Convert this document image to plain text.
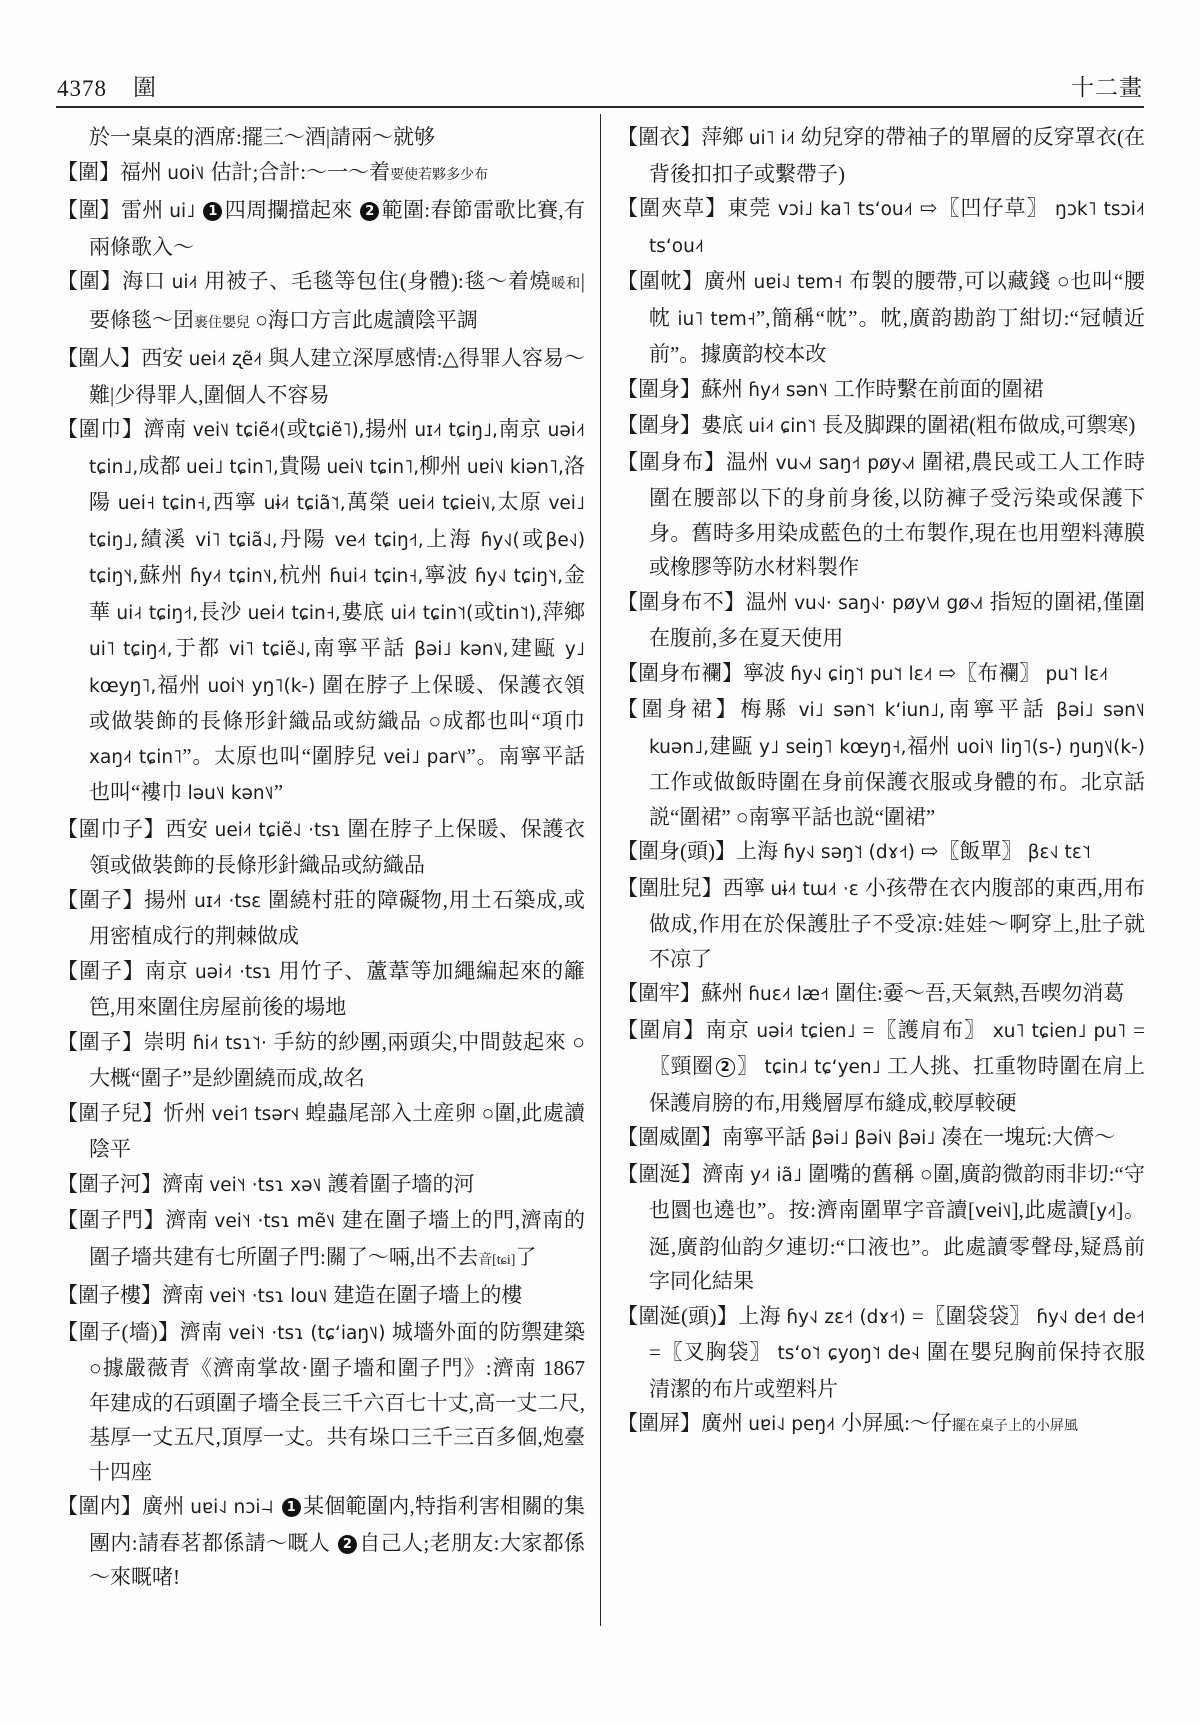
4378 圍	十二畫
於一桌桌的酒席:擺三～酒|請兩～就够
【圍】福州 uoi˥˩ 估計;合計:～一～着要使若夥多少布
【圍】雷州 ui˩ 1 四周攔擋起來 2 範圍:春節雷歌比賽,有兩條歌入～
【圍】海口 ui˨˦ 用被子、毛毯等包住(身體):毯～着燒暖和|要條毯～囝裹住嬰兒 ○海口方言此處讀陰平調
【圍人】西安 uei˨˦ ʐẽ˨˦ 與人建立深厚感情:△得罪人容易～難|少得罪人,圍個人不容易
【圍巾】濟南 vei˥˩ tɕiẽ˨˦(或tɕiẽ˥),揚州 uɪ˨˦ tɕiŋ˩,南京 uəi˨˦ tɕin˩,成都 uei˩ tɕin˥,貴陽 uei˥˩ tɕin˥,柳州 uɐi˥˩ kiən˥,洛陽 uei˧ tɕin˧,西寧 uɨ˨˦ tɕiã˥˦,萬榮 uei˨˦ tɕiei˥˩,太原 vei˩ tɕiŋ˩,績溪 vi˥ tɕiã˨˩,丹陽 ve˨˦ tɕiŋ˧˦,上海 ɦy˧˩(或βe˧˩) tɕiŋ˥˧,蘇州 ɦy˨˦ tɕin˥˨,杭州 ɦui˨˧ tɕin˧,寧波 ɦy˧˩ tɕiŋ˥˧,金華 ui˨˧ tɕiŋ˧˦,長沙 uei˨˦ tɕin˧,婁底 ui˨˦ tɕin˥˦(或tin˥˦),萍鄉 ui˥ tɕiŋ˨˦,于都 vi˥ tɕiẽ˨˩,南寧平話 βəi˩ kən˥˩,建甌 y˩ kœyŋ˥,福州 uoi˥˧ yŋ˥(k-) 圍在脖子上保暖、保護衣領或做裝飾的長條形針織品或紡織品 ○成都也叫“項巾 xaŋ˨˦ tɕin˥”。太原也叫“圍脖兒 vei˩ par˥˩”。南寧平話也叫“褸巾 ləu˥˩ kən˥˩”
【圍巾子】西安 uei˨˦ tɕiẽ˨˩ ·tsɿ 圍在脖子上保暖、保護衣領或做裝飾的長條形針織品或紡織品
【圍子】揚州 uɪ˨˦ ·tsɛ 圍繞村莊的障礙物,用土石築成,或用密植成行的荆棘做成
【圍子】南京 uəi˨˦ ·tsɿ 用竹子、蘆葦等加繩編起來的籬笆,用來圍住房屋前後的場地
【圍子】崇明 ɦi˨˦ tsɿ˥˦· 手紡的紗團,兩頭尖,中間鼓起來 ○大概“圍子”是紗圍繞而成,故名
【圍子兒】忻州 vei˦˥ tsər˦˨ 蝗蟲尾部入土産卵 ○圍,此處讀陰平
【圍子河】濟南 vei˥˧ ·tsɿ xə˥˩ 護着圍子墻的河
【圍子門】濟南 vei˥˧ ·tsɿ mẽ˥˩ 建在圍子墻上的門,濟南的圍子墻共建有七所圍子門:關了～啢,出不去音[tɕi]了
【圍子樓】濟南 vei˥˧ ·tsɿ lou˥˩ 建造在圍子墻上的樓
【圍子(墻)】濟南 vei˥˧ ·tsɿ (tɕʻiaŋ˥˩) 城墻外面的防禦建築 ○據嚴薇青《濟南掌故·圍子墻和圍子門》:濟南 1867 年建成的石頭圍子墻全長三千六百七十丈,高一丈二尺,基厚一丈五尺,頂厚一丈。共有垛口三千三百多個,炮臺十四座
【圍内】廣州 uɐi˨˩ nɔi˨˨ 1 某個範圍内,特指利害相關的集團内:請春茗都係請～嘅人 2 自己人;老朋友:大家都係～來嘅啫!
【圍衣】萍鄉 ui˥ i˨˦ 幼兒穿的帶袖子的單層的反穿罩衣(在背後扣扣子或繫帶子)
【圍夾草】東莞 vɔi˩ ka˥ tsʻou˨˦ ⇨〖凹仔草〗 ŋɔk˥ tsɔi˨˦ tsʻou˨˦
【圍帎】廣州 uɐi˨˩ tɐm˧ 布製的腰帶,可以藏錢 ○也叫“腰帎 iu˥ tɐm˧”,簡稱“帎”。帎,廣韵勘韵丁紺切:“冠幘近前”。據廣韵校本改
【圍身】蘇州 ɦy˨˦ sən˥˨ 工作時繫在前面的圍裙
【圍身】婁底 ui˨˦ ɕin˥˦ 長及脚踝的圍裙(粗布做成,可禦寒)
【圍身布】温州 vu˧˩˦ saŋ˧˦ pøy˧˩˦ 圍裙,農民或工人工作時圍在腰部以下的身前身後,以防褲子受污染或保護下身。舊時多用染成藍色的土布製作,現在也用塑料薄膜或橡膠等防水材料製作
【圍身布不】温州 vu˧˩· saŋ˧˩· pøy˥˩˦ gø˧˩˦ 指短的圍裙,僅圍在腹前,多在夏天使用
【圍身布襴】寧波 ɦy˧˩ ɕiŋ˥˦ pu˥˦ lɛ˨˦ ⇨〖布襴〗 pu˥˦ lɛ˨˦
【圍身裙】梅縣 vi˩ sən˥˦ kʻiun˩,南寧平話 βəi˩ sən˥˩ kuən˩,建甌 y˩ seiŋ˥ kœyŋ˧,福州 uoi˥˨ liŋ˥(s-) ŋuŋ˥˩(k-) 工作或做飯時圍在身前保護衣服或身體的布。北京話説“圍裙” ○南寧平話也説“圍裙”
【圍身(頭)】上海 ɦy˧˩ səŋ˥˦ (dɤ˧˦) ⇨〖飯單〗 βɛ˧˩ tɛ˥˦
【圍肚兒】西寧 uɨ˨˦ tɯ˨˦ ·ɛ 小孩帶在衣内腹部的東西,用布做成,作用在於保護肚子不受凉:娃娃～啊穿上,肚子就不凉了
【圍牢】蘇州 ɦuɛ˨˦ læ˧˦ 圍住:嫑～吾,天氣熱,吾喫勿消葛
【圍肩】南京 uəi˨˦ tɕien˩ =〖護肩布〗 xu˥ tɕien˩ pu˥ =〖頸圈 2 〗 tɕin˩˨ tɕʻyen˩ 工人挑、扛重物時圍在肩上保護肩膀的布,用幾層厚布縫成,較厚較硬
【圍威圍】南寧平話 βəi˩ βəi˥˩ βəi˩ 凑在一塊玩:大儕～
【圍涎】濟南 y˨˦ iã˩ 圍嘴的舊稱 ○圍,廣韵微韵雨非切:“守也圜也遶也”。按:濟南圍單字音讀[vei˥˩],此處讀[y˨˦]。涎,廣韵仙韵夕連切:“口液也”。此處讀零聲母,疑爲前字同化結果
【圍涎(頭)】上海 ɦy˧˩ zɛ˧˦ (dɤ˧˦) =〖圍袋袋〗 ɦy˧˩ de˧˦ de˧˦ =〖叉胸袋〗 tsʻo˥˦ ɕyoŋ˥˦ de˧˨ 圍在嬰兒胸前保持衣服清潔的布片或塑料片
【圍屏】廣州 uɐi˨˩ peŋ˨˦ 小屏風:～仔擺在桌子上的小屏風
